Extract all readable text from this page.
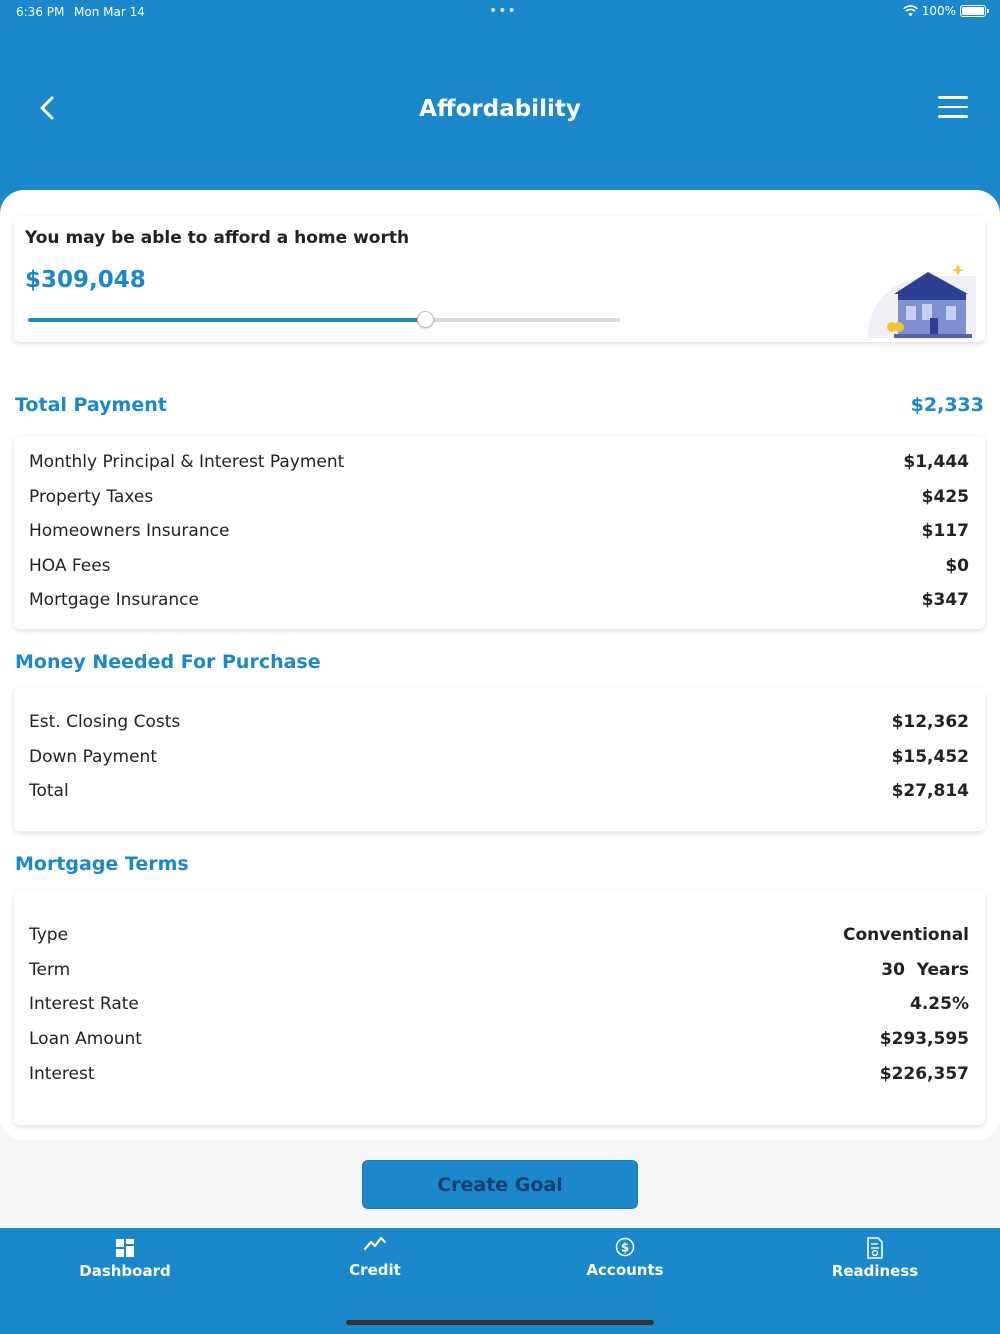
6:36 PM Mon Mar 14	•••	100%
Affordability
You may be able to afford a home worth
$309,048
Total Payment	$2,333
Monthly Principal & Interest Payment	$1,444
Property Taxes	$425
Homeowners Insurance	$117
HOA Fees	$0
Mortgage Insurance	$347
Money Needed For Purchase
Est. Closing Costs	$12,362
Down Payment	$15,452
Total	$27,814
Mortgage Terms
Type	Conventional
Term	30  Years
Interest Rate	4.25%
Loan Amount	$293,595
Interest	$226,357
Create Goal
Dashboard	Credit
$
Accounts	Readiness
